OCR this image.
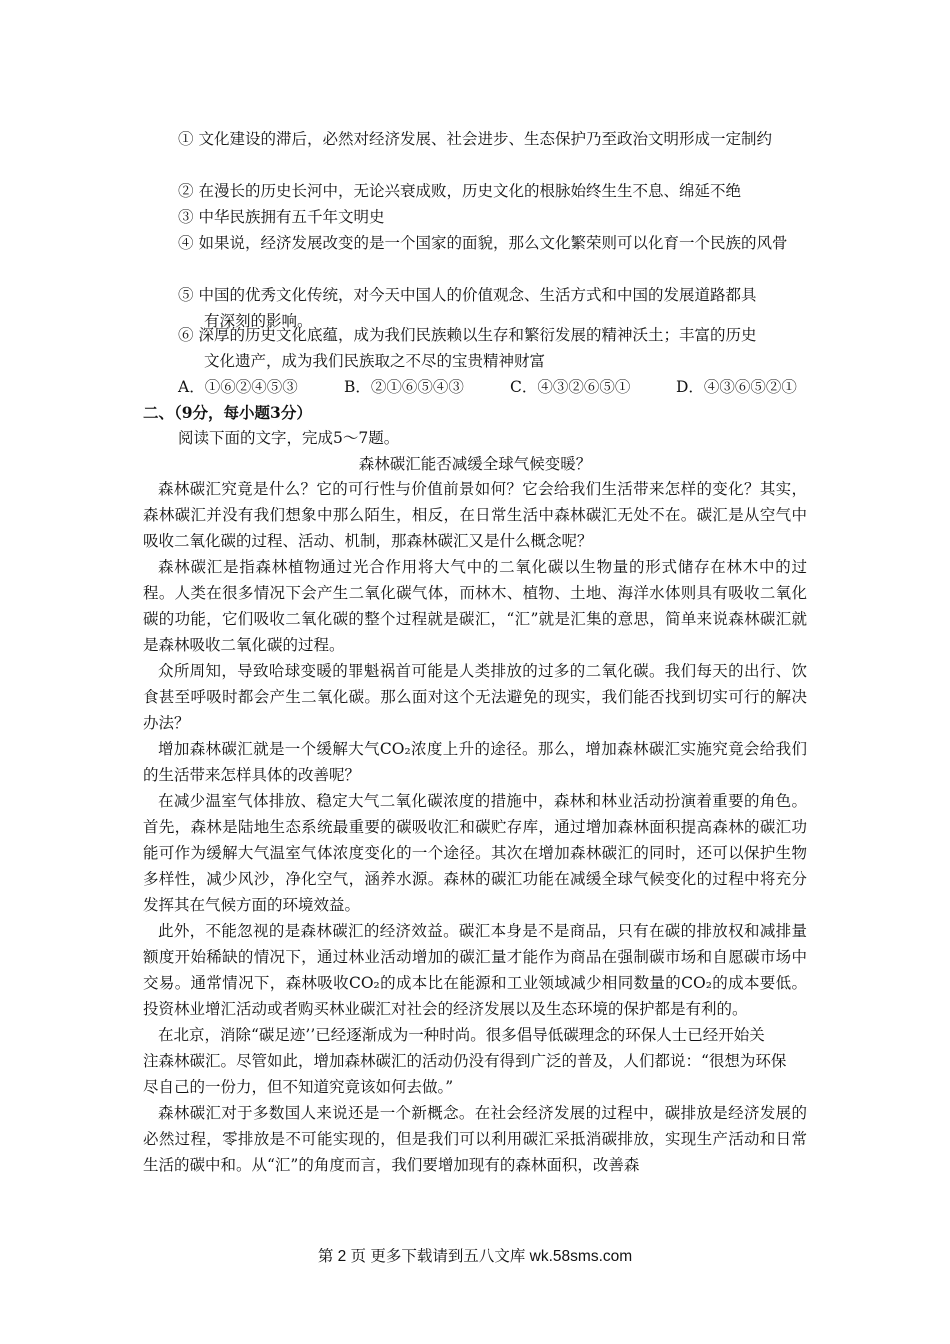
① 文化建设的滞后，必然对经济发展、社会进步、生态保护乃至政治文明形成一定制约
② 在漫长的历史长河中，无论兴衰成败，历史文化的根脉始终生生不息、绵延不绝
③ 中华民族拥有五千年文明史
④ 如果说，经济发展改变的是一个国家的面貌，那么文化繁荣则可以化育一个民族的风骨
⑤ 中国的优秀文化传统，对今天中国人的价值观念、生活方式和中国的发展道路都具
有深刻的影响。
⑥ 深厚的历史文化底蕴，成为我们民族赖以生存和繁衍发展的精神沃土；丰富的历史
文化遗产，成为我们民族取之不尽的宝贵精神财富
A．①⑥②④⑤③	B．②①⑥⑤④③	C．④③②⑥⑤①	D．④③⑥⑤②①
二、（9分，每小题3分）
阅读下面的文字，完成5～7题。
森林碳汇能否减缓全球气候变暖？

森林碳汇究竟是什么？它的可行性与价值前景如何？它会给我们生活带来怎样的变化？其实，森林碳汇并没有我们想象中那么陌生，相反，在日常生活中森林碳汇无处不在。碳汇是从空气中吸收二氧化碳的过程、活动、机制，那森林碳汇又是什么概念呢？

森林碳汇是指森林植物通过光合作用将大气中的二氧化碳以生物量的形式储存在林木中的过程。人类在很多情况下会产生二氧化碳气体，而林木、植物、土地、海洋水体则具有吸收二氧化碳的功能，它们吸收二氧化碳的整个过程就是碳汇，“汇”就是汇集的意思，简单来说森林碳汇就是森林吸收二氧化碳的过程。

众所周知，导致哈球变暖的罪魁祸首可能是人类排放的过多的二氧化碳。我们每天的出行、饮食甚至呼吸时都会产生二氧化碳。那么面对这个无法避免的现实，我们能否找到切实可行的解决办法？

增加森林碳汇就是一个缓解大气CO₂浓度上升的途径。那么，增加森林碳汇实施究竟会给我们的生活带来怎样具体的改善呢？

在减少温室气体排放、稳定大气二氧化碳浓度的措施中，森林和林业活动扮演着重要的角色。首先，森林是陆地生态系统最重要的碳吸收汇和碳贮存库，通过增加森林面积提高森林的碳汇功能可作为缓解大气温室气体浓度变化的一个途径。其次在增加森林碳汇的同时，还可以保护生物多样性，减少风沙，净化空气，涵养水源。森林的碳汇功能在减缓全球气候变化的过程中将充分发挥其在气候方面的环境效益。

此外，不能忽视的是森林碳汇的经济效益。碳汇本身是不是商品，只有在碳的排放权和减排量额度开始稀缺的情况下，通过林业活动增加的碳汇量才能作为商品在强制碳市场和自愿碳市场中交易。通常情况下，森林吸收CO₂的成本比在能源和工业领域减少相同数量的CO₂的成本要低。投资林业增汇活动或者购买林业碳汇对社会的经济发展以及生态环境的保护都是有利的。

在北京，消除“碳足迹’’已经逐渐成为一种时尚。很多倡导低碳理念的环保人士已经开始关

注森林碳汇。尽管如此，增加森林碳汇的活动仍没有得到广泛的普及，人们都说：“很想为环保

尽自己的一份力，但不知道究竟该如何去做。”

森林碳汇对于多数国人来说还是一个新概念。在社会经济发展的过程中，碳排放是经济发展的必然过程，零排放是不可能实现的，但是我们可以利用碳汇采抵消碳排放，实现生产活动和日常生活的碳中和。从“汇”的角度而言，我们要增加现有的森林面积，改善森

第 2 页 更多下载请到五八文库 wk.58sms.com
